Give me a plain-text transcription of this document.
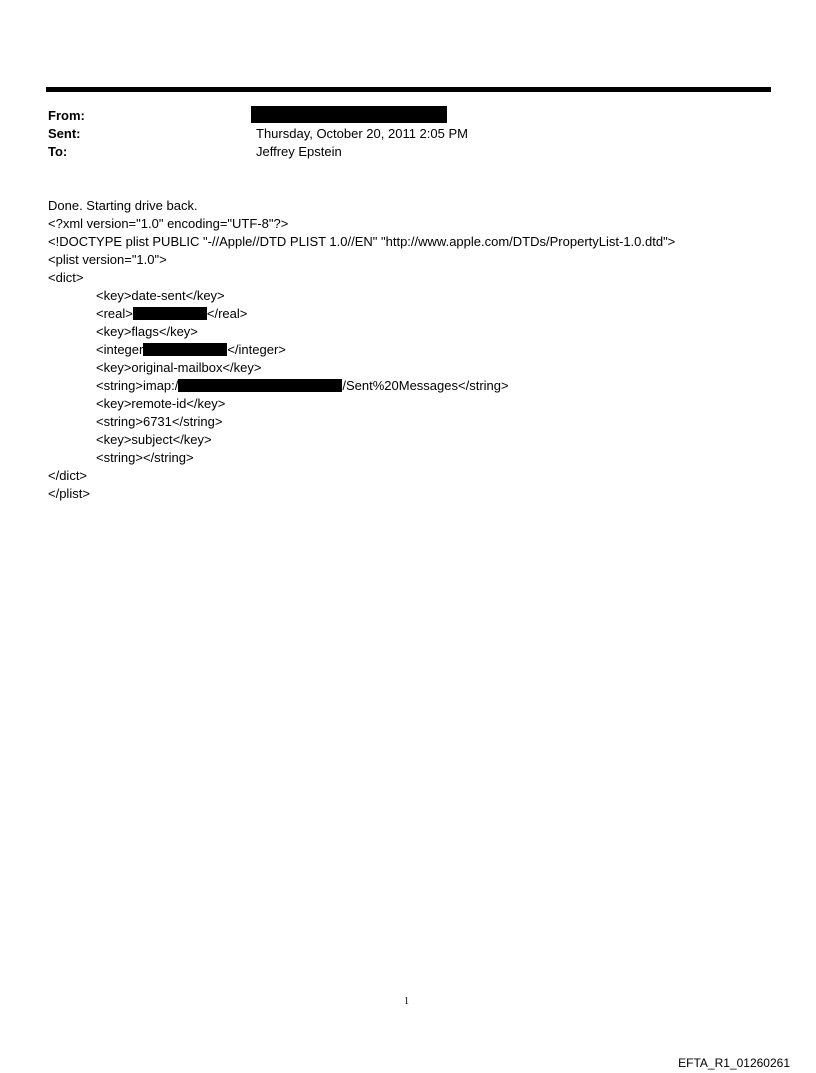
From:
Sent:	Thursday, October 20, 2011 2:05 PM
To:	Jeffrey Epstein
Done. Starting drive back.
<?xml version="1.0" encoding="UTF-8"?>
<!DOCTYPE plist PUBLIC "-//Apple//DTD PLIST 1.0//EN" "http://www.apple.com/DTDs/PropertyList-1.0.dtd">
<plist version="1.0">
<dict>
<key>date-sent</key>
<real>	</real>
<key>flags</key>
<integer	</integer>
<key>original-mailbox</key>
<string>imap:/	/Sent%20Messages</string>
<key>remote-id</key>
<string>6731</string>
<key>subject</key>
<string></string>
</dict>
</plist>
1
EFTA_R1_01260261
